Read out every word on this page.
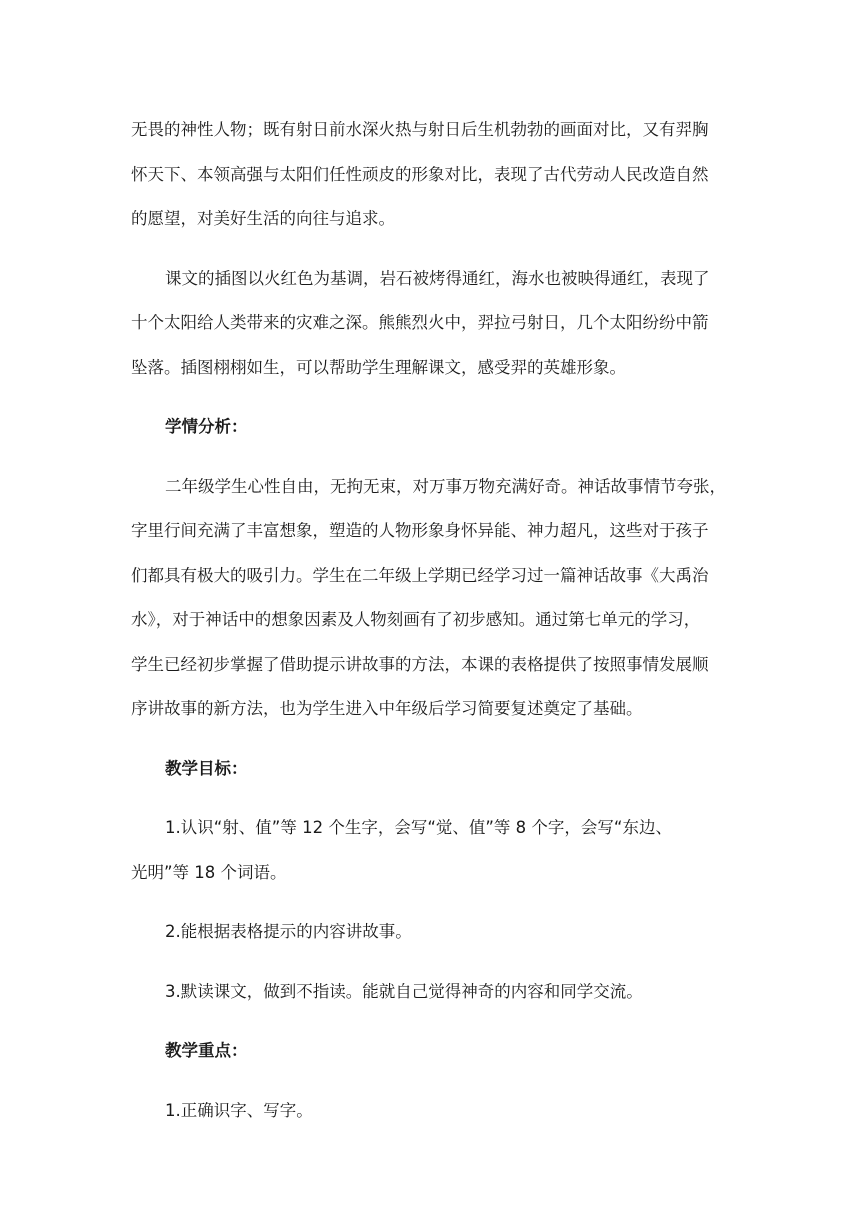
无畏的神性人物；既有射日前水深火热与射日后生机勃勃的画面对比，又有羿胸
怀天下、本领高强与太阳们任性顽皮的形象对比，表现了古代劳动人民改造自然
的愿望，对美好生活的向往与追求。
课文的插图以火红色为基调，岩石被烤得通红，海水也被映得通红，表现了
十个太阳给人类带来的灾难之深。熊熊烈火中，羿拉弓射日，几个太阳纷纷中箭
坠落。插图栩栩如生，可以帮助学生理解课文，感受羿的英雄形象。
学情分析：
二年级学生心性自由，无拘无束，对万事万物充满好奇。神话故事情节夸张，
字里行间充满了丰富想象，塑造的人物形象身怀异能、神力超凡，这些对于孩子
们都具有极大的吸引力。学生在二年级上学期已经学习过一篇神话故事《大禹治
水》，对于神话中的想象因素及人物刻画有了初步感知。通过第七单元的学习，
学生已经初步掌握了借助提示讲故事的方法，本课的表格提供了按照事情发展顺
序讲故事的新方法，也为学生进入中年级后学习简要复述奠定了基础。
教学目标：
1.认识“射、值”等 12 个生字，会写“觉、值”等 8 个字，会写“东边、
光明”等 18 个词语。
2.能根据表格提示的内容讲故事。
3.默读课文，做到不指读。能就自己觉得神奇的内容和同学交流。
教学重点：
1.正确识字、写字。
